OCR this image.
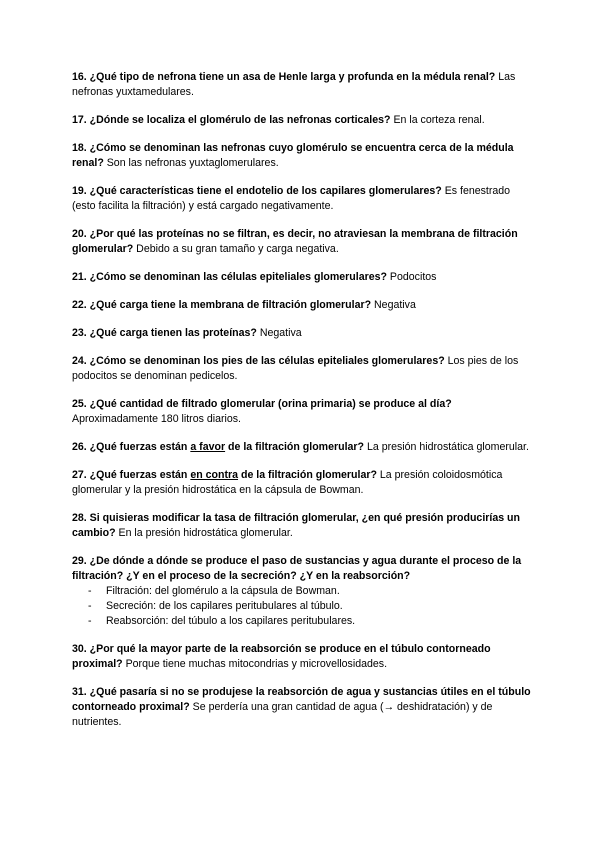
16. ¿Qué tipo de nefrona tiene un asa de Henle larga y profunda en la médula renal? Las nefronas yuxtamedulares.

17. ¿Dónde se localiza el glomérulo de las nefronas corticales? En la corteza renal.

18. ¿Cómo se denominan las nefronas cuyo glomérulo se encuentra cerca de la médula renal? Son las nefronas yuxtaglomerulares.

19. ¿Qué características tiene el endotelio de los capilares glomerulares? Es fenestrado (esto facilita la filtración) y está cargado negativamente.

20. ¿Por qué las proteínas no se filtran, es decir, no atraviesan la membrana de filtración glomerular? Debido a su gran tamaño y carga negativa.

21. ¿Cómo se denominan las células epiteliales glomerulares? Podocitos

22. ¿Qué carga tiene la membrana de filtración glomerular? Negativa

23. ¿Qué carga tienen las proteínas? Negativa

24. ¿Cómo se denominan los pies de las células epiteliales glomerulares? Los pies de los podocitos se denominan pedicelos.

25. ¿Qué cantidad de filtrado glomerular (orina primaria) se produce al día? Aproximadamente 180 litros diarios.

26. ¿Qué fuerzas están a favor de la filtración glomerular? La presión hidrostática glomerular.

27. ¿Qué fuerzas están en contra de la filtración glomerular? La presión coloidosmótica glomerular y la presión hidrostática en la cápsula de Bowman.

28. Si quisieras modificar la tasa de filtración glomerular, ¿en qué presión producirías un cambio? En la presión hidrostática glomerular.

29. ¿De dónde a dónde se produce el paso de sustancias y agua durante el proceso de la filtración? ¿Y en el proceso de la secreción? ¿Y en la reabsorción?
- Filtración: del glomérulo a la cápsula de Bowman.
- Secreción: de los capilares peritubulares al túbulo.
- Reabsorción: del túbulo a los capilares peritubulares.

30. ¿Por qué la mayor parte de la reabsorción se produce en el túbulo contorneado proximal? Porque tiene muchas mitocondrias y microvellosidades.

31. ¿Qué pasaría si no se produjese la reabsorción de agua y sustancias útiles en el túbulo contorneado proximal? Se perdería una gran cantidad de agua (→ deshidratación) y de nutrientes.
